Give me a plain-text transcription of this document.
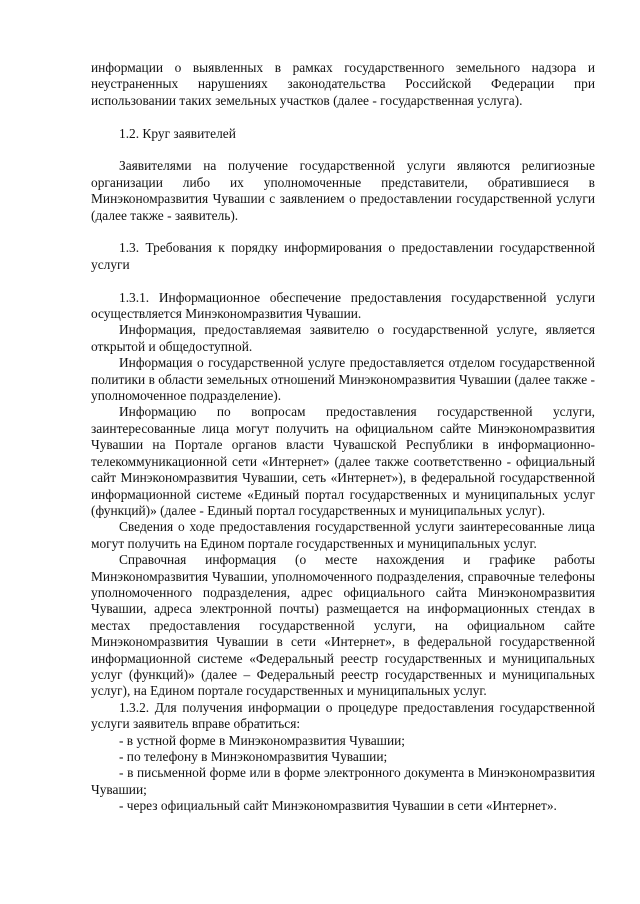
информации о выявленных в рамках государственного земельного надзора и неустраненных нарушениях законодательства Российской Федерации при использовании таких земельных участков (далее - государственная услуга).

1.2. Круг заявителей

Заявителями на получение государственной услуги являются религиозные организации либо их уполномоченные представители, обратившиеся в Минэкономразвития Чувашии с заявлением о предоставлении государственной услуги (далее также - заявитель).

1.3. Требования к порядку информирования о предоставлении государственной услуги

1.3.1. Информационное обеспечение предоставления государственной услуги осуществляется Минэкономразвития Чувашии.

Информация, предоставляемая заявителю о государственной услуге, является открытой и общедоступной.

Информация о государственной услуге предоставляется отделом государственной политики в области земельных отношений Минэкономразвития Чувашии (далее также - уполномоченное подразделение).

Информацию по вопросам предоставления государственной услуги, заинтересованные лица могут получить на официальном сайте Минэкономразвития Чувашии на Портале органов власти Чувашской Республики в информационно-телекоммуникационной сети «Интернет» (далее также соответственно - официальный сайт Минэкономразвития Чувашии, сеть «Интернет»), в федеральной государственной информационной системе «Единый портал государственных и муниципальных услуг (функций)» (далее - Единый портал государственных и муниципальных услуг).

Сведения о ходе предоставления государственной услуги заинтересованные лица могут получить на Едином портале государственных и муниципальных услуг.

Справочная информация (о месте нахождения и графике работы Минэкономразвития Чувашии, уполномоченного подразделения, справочные телефоны уполномоченного подразделения, адрес официального сайта Минэкономразвития Чувашии, адреса электронной почты) размещается на информационных стендах в местах предоставления государственной услуги, на официальном сайте Минэкономразвития Чувашии в сети «Интернет», в федеральной государственной информационной системе «Федеральный реестр государственных и муниципальных услуг (функций)» (далее – Федеральный реестр государственных и муниципальных услуг), на Едином портале государственных и муниципальных услуг.

1.3.2. Для получения информации о процедуре предоставления государственной услуги заявитель вправе обратиться:

- в устной форме в Минэкономразвития Чувашии;

- по телефону в Минэкономразвития Чувашии;

- в письменной форме или в форме электронного документа в Минэкономразвития Чувашии;

- через официальный сайт Минэкономразвития Чувашии в сети «Интернет».
